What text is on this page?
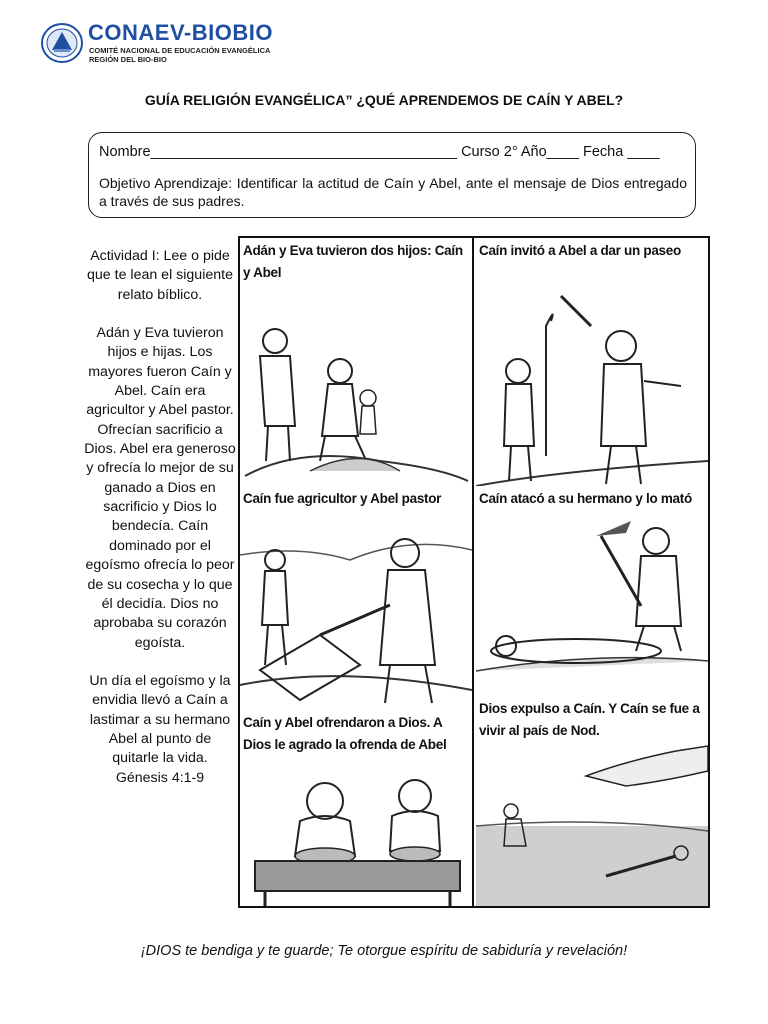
CONAEV-BIOBIO
COMITÉ NACIONAL DE EDUCACIÓN EVANGÉLICA
REGIÓN DEL BIO-BIO
GUÍA RELIGIÓN EVANGÉLICA” ¿QUÉ APRENDEMOS DE CAÍN Y ABEL?
Nombre______________________________________ Curso 2° Año____ Fecha ____
Objetivo Aprendizaje: Identificar la actitud de Caín y Abel, ante el mensaje de Dios entregado a través de sus padres.

Actividad I: Lee o pide que te lean el siguiente relato bíblico.

Adán y Eva tuvieron hijos e hijas. Los mayores fueron Caín y Abel. Caín era agricultor y Abel pastor. Ofrecían sacrificio a Dios. Abel era generoso y ofrecía lo mejor de su ganado a Dios en sacrificio y Dios lo bendecía. Caín dominado por el egoísmo ofrecía lo peor de su cosecha y lo que él decidía. Dios no aprobaba su corazón egoísta.

Un día el egoísmo y la envidia llevó a Caín a lastimar a su hermano Abel al punto de quitarle la vida.

Génesis 4:1-9

Adán y Eva tuvieron dos hijos: Caín y Abel
Caín invitó a Abel a dar un paseo
Caín fue agricultor y Abel pastor	Caín atacó a su hermano y lo mató
Caín y Abel ofrendaron a Dios. A Dios le agrado la ofrenda de Abel
Dios expulso a Caín. Y Caín se fue a vivir al país de Nod.
¡DIOS te bendiga y te guarde; Te otorgue espíritu de sabiduría y revelación!
